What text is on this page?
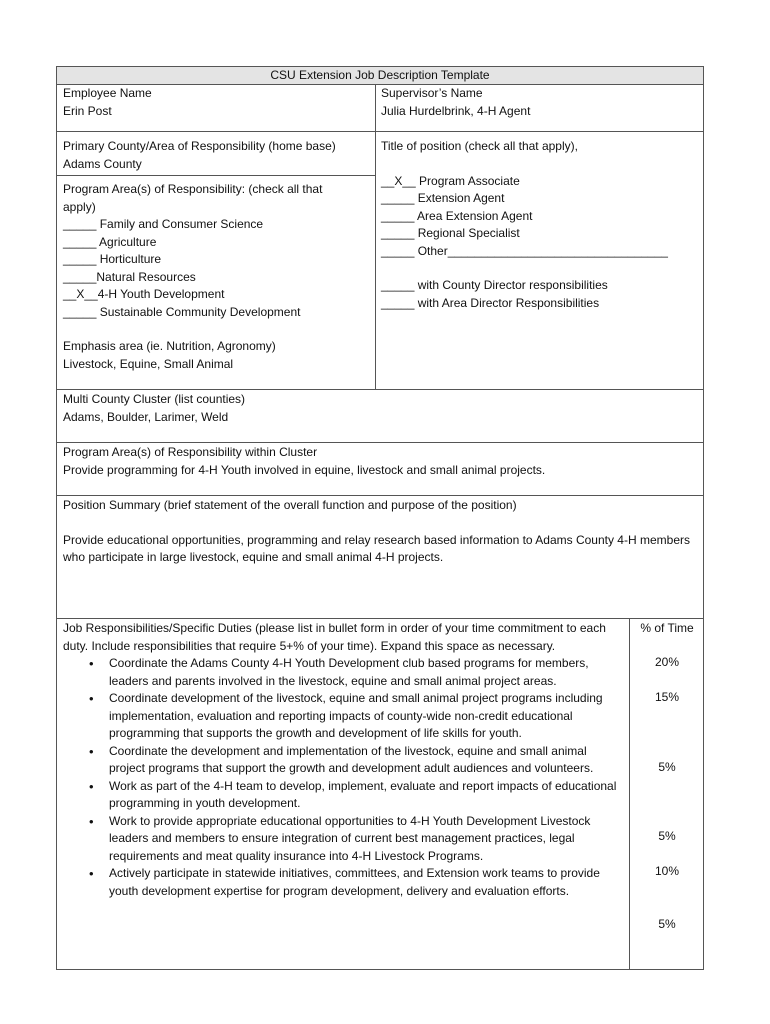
CSU Extension Job Description Template
Employee Name
Erin Post
Supervisor’s Name
Julia Hurdelbrink, 4-H Agent
Primary County/Area of Responsibility (home base)
Adams County
Program Area(s) of Responsibility: (check all that apply)
_____ Family and Consumer Science
_____ Agriculture
_____ Horticulture
_____Natural Resources
__X__4-H Youth Development
_____ Sustainable Community Development
Emphasis area (ie. Nutrition, Agronomy)
Livestock, Equine, Small Animal
Title of position (check all that apply),
__X__ Program Associate
_____ Extension Agent
_____ Area Extension Agent
_____ Regional Specialist
_____ Other_________________________________
_____ with County Director responsibilities
_____ with Area Director Responsibilities
Multi County Cluster (list counties)
Adams, Boulder, Larimer, Weld
Program Area(s) of Responsibility within Cluster
Provide programming for 4-H Youth involved in equine, livestock and small animal projects.
Position Summary (brief statement of the overall function and purpose of the position)
Provide educational opportunities, programming and relay research based information to Adams County 4-H members who participate in large livestock, equine and small animal 4-H projects.
Job Responsibilities/Specific Duties (please list in bullet form in order of your time commitment to each duty. Include responsibilities that require 5+% of your time). Expand this space as necessary.
• Coordinate the Adams County 4-H Youth Development club based programs for members, leaders and parents involved in the livestock, equine and small animal project areas.
• Coordinate development of the livestock, equine and small animal project programs including implementation, evaluation and reporting impacts of county-wide non-credit educational programming that supports the growth and development of life skills for youth.
• Coordinate the development and implementation of the livestock, equine and small animal project programs that support the growth and development adult audiences and volunteers.
• Work as part of the 4-H team to develop, implement, evaluate and report impacts of educational programming in youth development.
• Work to provide appropriate educational opportunities to 4-H Youth Development Livestock leaders and members to ensure integration of current best management practices, legal requirements and meat quality insurance into 4-H Livestock Programs.
• Actively participate in statewide initiatives, committees, and Extension work teams to provide youth development expertise for program development, delivery and evaluation efforts.
% of Time
20%
15%
5%
5%
10%
5%
